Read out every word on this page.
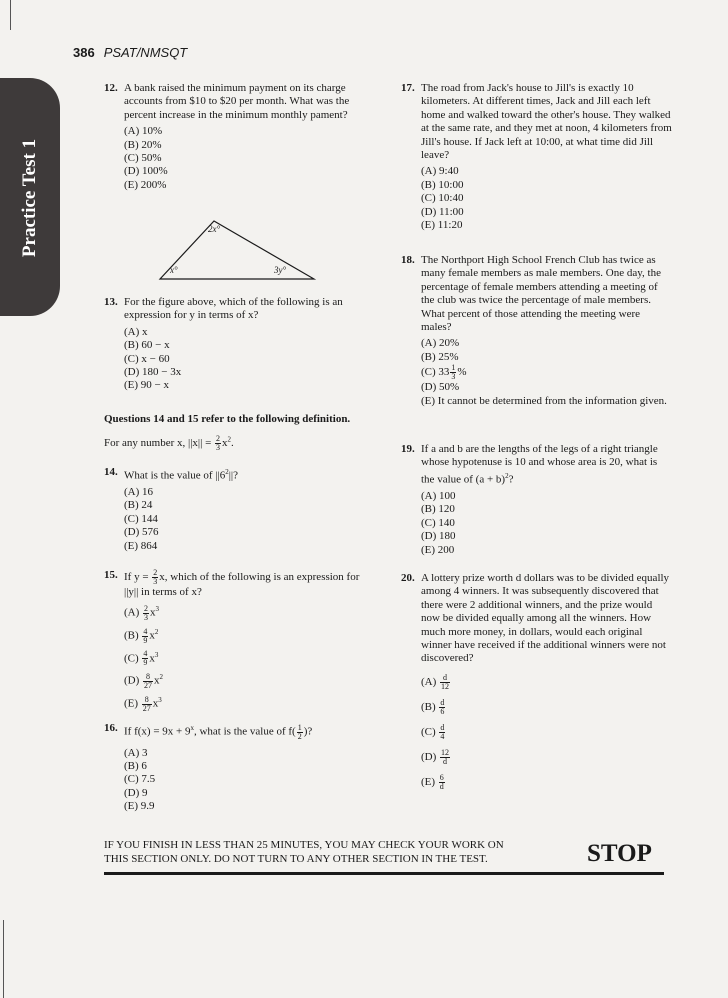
Practice Test 1
386 PSAT/NMSQT
12. A bank raised the minimum payment on its charge accounts from $10 to $20 per month. What was the percent increase in the minimum monthly pament?
(A) 10%
(B) 20%
(C) 50%
(D) 100%
(E) 200%
2x°
x°	3y°
13. For the figure above, which of the following is an expression for y in terms of x?
(A) x
(B) 60 − x
(C) x − 60
(D) 180 − 3x
(E) 90 − x
Questions 14 and 15 refer to the following definition.
For any number x, $||x|| = \frac{2}{3} x^2$.
14. What is the value of $||6^2||$?
(A) 16
(B) 24
(C) 144
(D) 576
(E) 864
15. If $y = \frac{2}{3} x$, which of the following is an expression for ||y|| in terms of x?
$(A) \frac{2}{3} x^3$
$(B) \frac{4}{9} x^2$
$(C) \frac{4}{9} x^3$
$(D) \frac{8}{27} x^2$
$(E) \frac{8}{27} x^3$
16. If $f(x) = 9x + 9^x$, what is the value of $f( \frac{1}{2}$ )?
(A) 3
(B) 6
(C) 7.5
(D) 9
(E) 9.9
17. The road from Jack's house to Jill's is exactly 10 kilometers. At different times, Jack and Jill each left home and walked toward the other's house. They walked at the same rate, and they met at noon, 4 kilometers from Jill's house. If Jack left at 10:00, at what time did Jill leave?
(A) 9:40
(B) 10:00
(C) 10:40
(D) 11:00
(E) 11:20
18. The Northport High School French Club has twice as many female members as male members. One day, the percentage of female members attending a meeting of the club was twice the percentage of male members. What percent of those attending the meeting were males?
(A) 20%
(B) 25%
(C) $33 \frac{1}{3}$ %
(D) 50%
(E) It cannot be determined from the information given.
19. If a and b are the lengths of the legs of a right triangle whose hypotenuse is 10 and whose area is 20, what is the value of $(a + b)^2$?
(A) 100
(B) 120
(C) 140
(D) 180
(E) 200
20. A lottery prize worth d dollars was to be divided equally among 4 winners. It was subsequently discovered that there were 2 additional winners, and the prize would now be divided equally among all the winners. How much more money, in dollars, would each original winner have received if the additional winners were not discovered?
$(A) \frac{d}{12}$
$(B) \frac{d}{6}$
$(C) \frac{d}{4}$
$(D) \frac{12}{d}$
$(E) \frac{6}{d}$
IF YOU FINISH IN LESS THAN 25 MINUTES, YOU MAY CHECK YOUR WORK ON
THIS SECTION ONLY. DO NOT TURN TO ANY OTHER SECTION IN THE TEST.	STOP
